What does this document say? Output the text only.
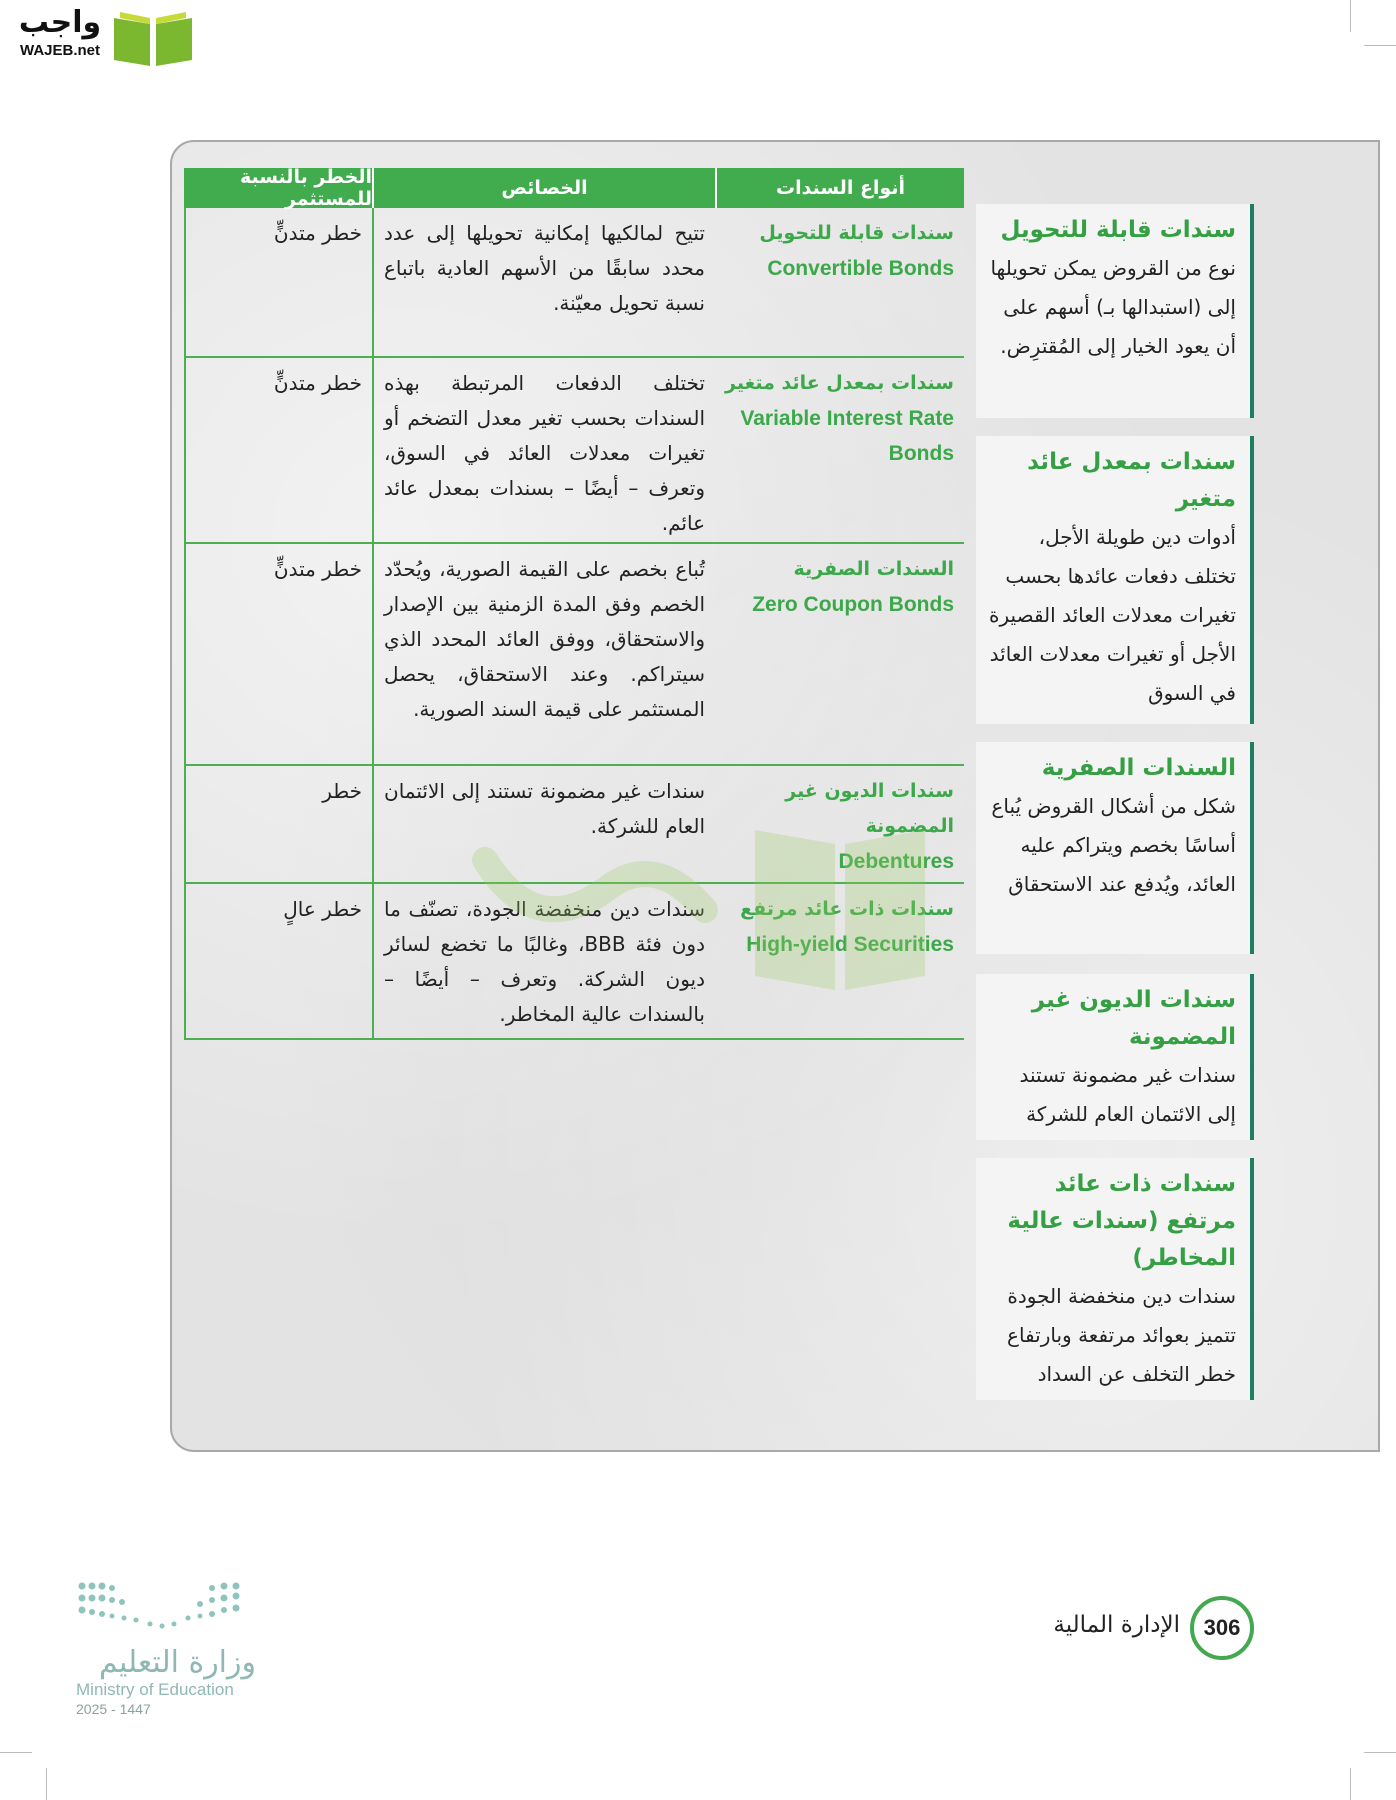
واجب
WAJEB.net
أنواع السندات
الخصائص
الخطر بالنسبة للمستثمر
سندات قابلة للتحويل
Convertible Bonds
تتيح لمالكيها إمكانية تحويلها إلى عدد محدد سابقًا من الأسهم العادية باتباع نسبة تحويل معيّنة.
خطر متدنٍّ
سندات بمعدل عائد متغير
Variable Interest Rate Bonds
تختلف الدفعات المرتبطة بهذه السندات بحسب تغير معدل التضخم أو تغيرات معدلات العائد في السوق، وتعرف – أيضًا – بسندات بمعدل عائد عائم.
خطر متدنٍّ
السندات الصفرية
Zero Coupon Bonds
تُباع بخصم على القيمة الصورية، ويُحدّد الخصم وفق المدة الزمنية بين الإصدار والاستحقاق، ووفق العائد المحدد الذي سيتراكم. وعند الاستحقاق، يحصل المستثمر على قيمة السند الصورية.
خطر متدنٍّ
سندات الديون غير المضمونة
Debentures
سندات غير مضمونة تستند إلى الائتمان العام للشركة.
خطر
سندات ذات عائد مرتفع
High-yield Securities
سندات دين منخفضة الجودة، تصنّف ما دون فئة BBB، وغالبًا ما تخضع لسائر ديون الشركة. وتعرف – أيضًا – بالسندات عالية المخاطر.
خطر عالٍ
سندات قابلة للتحويل
نوع من القروض يمكن تحويلها إلى (استبدالها بـ) أسهم على أن يعود الخيار إلى المُقترِض.
سندات بمعدل عائد متغير
أدوات دين طويلة الأجل، تختلف دفعات عائدها بحسب تغيرات معدلات العائد القصيرة الأجل أو تغيرات معدلات العائد في السوق
السندات الصفرية
شكل من أشكال القروض يُباع أساسًا بخصم ويتراكم عليه العائد، ويُدفع عند الاستحقاق
سندات الديون غير المضمونة
سندات غير مضمونة تستند إلى الائتمان العام للشركة
سندات ذات عائد مرتفع (سندات عالية المخاطر)
سندات دين منخفضة الجودة تتميز بعوائد مرتفعة وبارتفاع خطر التخلف عن السداد
306
الإدارة المالية
وزارة التعليم
Ministry of Education
2025 - 1447
